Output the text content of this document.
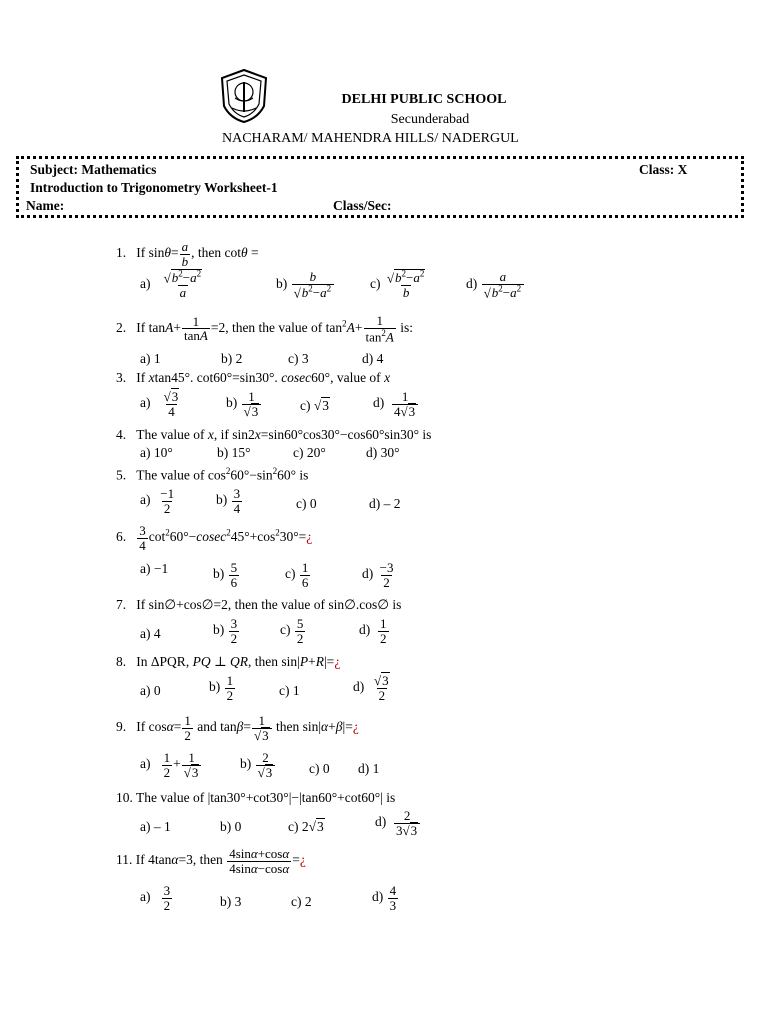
DELHI PUBLIC SCHOOL
Secunderabad
NACHARAM/ MAHENDRA HILLS/ NADERGUL
Subject: Mathematics	Class: X
Introduction to Trigonometry Worksheet-1
Name:	Class/Sec:
1.   If $\sin\theta= \frac{a}{b}$ , then cotθ =
$a) \frac{√b^2-a^2}{a}$	$b) \frac{b}{√b^2-a^2}$	$c) \frac{√b^2-a^2}{b}$	$d) \frac{a}{√b^2-a^2}$
2.   If $\tan A+ \frac{1}{\tan A} =2$, then the value of $\tan^2A+ \frac{1}{\tan^2A}$ is:
a) 1	b) 2	c) 3	d) 4
3.   If xtan45°. cot60°=sin30°. cosec60°, value of x
$a) \frac{√3}{4}$	$b) \frac{1}{√3}$	c) √3	$d) \frac{1}{4√3}$
4.   The value of x, if sin2x=sin60°cos30°−cos60°sin30° is
a) 10°	b) 15°	c) 20°	d) 30°
5.   The value of $\cos^260^\circ-\sin^260^\circ$ is
$a) \frac{-1}{2}$	$b) \frac{3}{4}$	c) 0	d) – 2
6. $\frac{3}{4}$ $\cot^260^\circ-cosec^245^\circ+\cos^230^\circ=¿$
a) −1	$b) \frac{5}{6}$	$c) \frac{1}{6}$	$d) \frac{-3}{2}$
7.   If sin∅+cos∅=2, then the value of sin∅.cos∅ is
a) 4	$b) \frac{3}{2}$	$c) \frac{5}{2}$	$d) \frac{1}{2}$
8.   In ΔPQR, PQ ⊥ QR, then sin|P+R|=¿
a) 0	$b) \frac{1}{2}$	c) 1	$d) \frac{√3}{2}$
9.   If $\cos\alpha= \frac{1}{2}$ and $\tan\beta= \frac{1}{√3}$ then sin|α+β|=¿
$a) \frac{1}{2} + \frac{1}{√3}$	$b) \frac{2}{√3} c$) 0 d) 1
10. The value of |tan30°+cot30°|−|tan60°+cot60°| is
a) – 1	b) 0	c) 2√3	$d) \frac{2}{3√3}$
11. If 4tanα=3, then $\frac{4\sin\alpha+\cos\alpha}{4\sin\alpha-\cos\alpha}$ =¿
$a) \frac{3}{2}$	b) 3	c) 2	$d) \frac{4}{3}$
